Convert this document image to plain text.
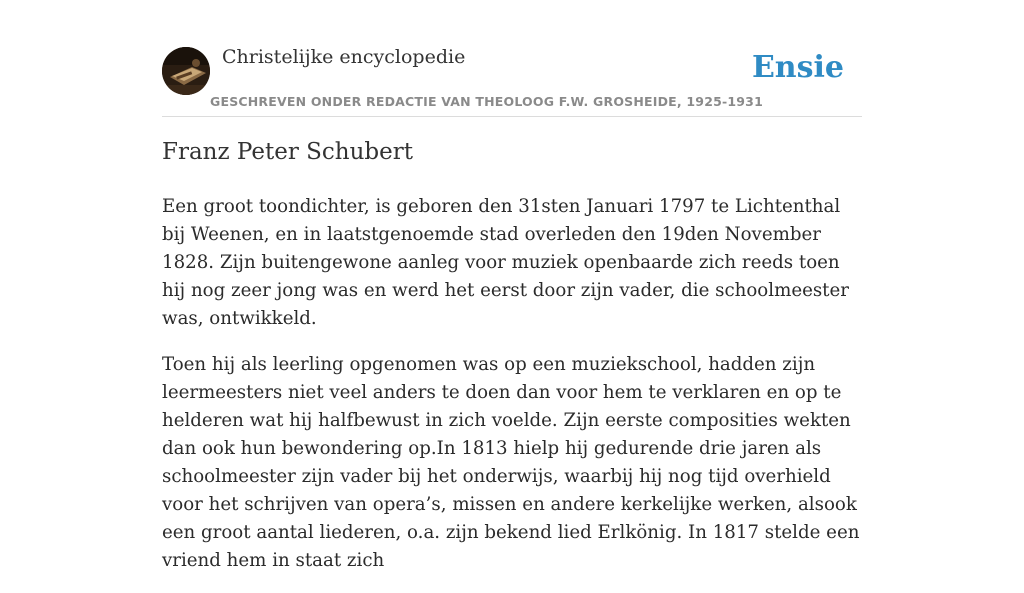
Christelijke encyclopedie
GESCHREVEN ONDER REDACTIE VAN THEOLOOG F.W. GROSHEIDE, 1925-1931
Ensie
Franz Peter Schubert

Een groot toondichter, is geboren den 31sten Januari 1797 te Lichtenthal bij Weenen, en in laatstgenoemde stad overleden den 19den November 1828. Zijn buitengewone aanleg voor muziek openbaarde zich reeds toen hij nog zeer jong was en werd het eerst door zijn vader, die schoolmeester was, ontwikkeld.

Toen hij als leerling opgenomen was op een muziekschool, hadden zijn leermeesters niet veel anders te doen dan voor hem te verklaren en op te helderen wat hij halfbewust in zich voelde. Zijn eerste composities wekten dan ook hun bewondering op.In 1813 hielp hij gedurende drie jaren als schoolmeester zijn vader bij het onderwijs, waarbij hij nog tijd overhield voor het schrijven van opera’s, missen en andere kerkelijke werken, alsook een groot aantal liederen, o.a. zijn bekend lied Erlkönig. In 1817 stelde een vriend hem in staat zich
